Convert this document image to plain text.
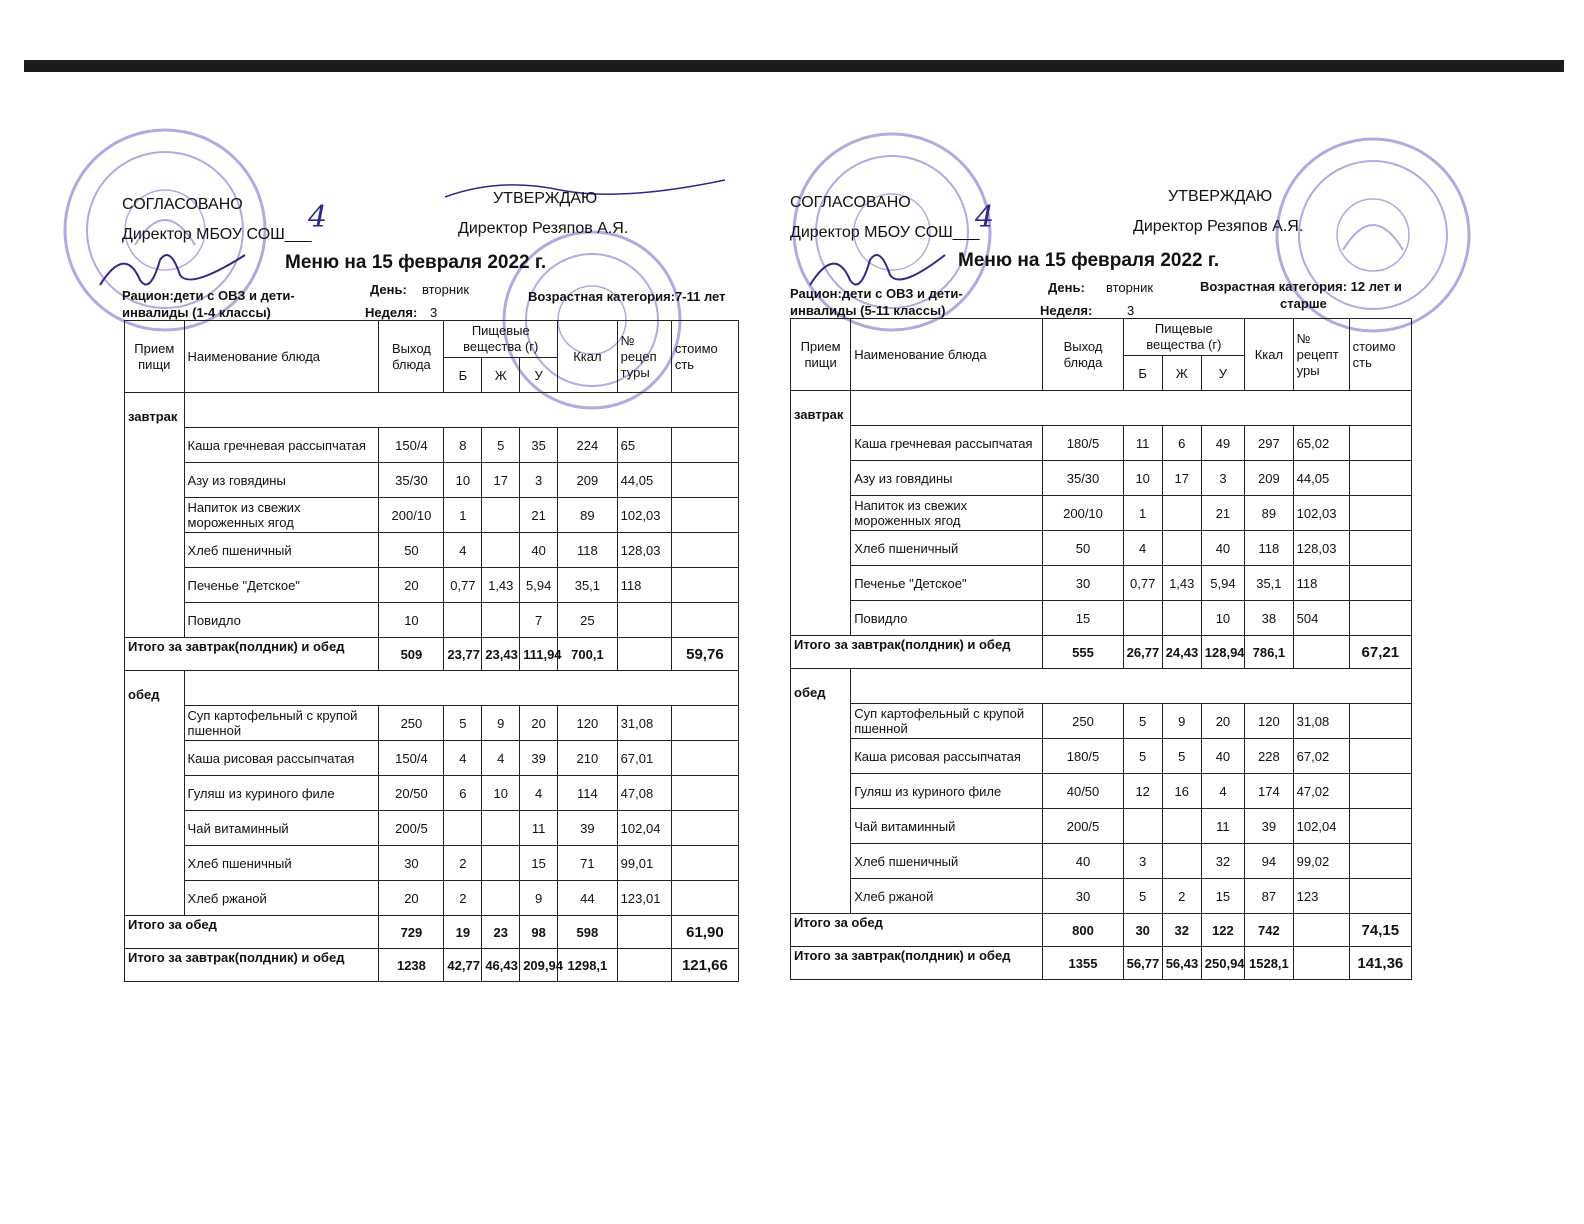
СОГЛАСОВАНО
Директор МБОУ СОШ___
4
УТВЕРЖДАЮ
Директор Резяпов А.Я.
Меню на 15 февраля 2022 г.
Рацион:дети с ОВЗ и дети-
инвалиды (1-4 классы)
День: вторник
Неделя: 3
Возрастная категория:7-11 лет
Прием пищи	Наименование блюда	Выход блюда	Пищевые вещества (г)			Ккал	№ рецеп туры	стоимо сть
			Б	Ж	У			
завтрак								
	Каша гречневая рассыпчатая	150/4	8	5	35	224	65	
	Азу из говядины	35/30	10	17	3	209	44,05	
	Напиток из свежих мороженных ягод	200/10	1		21	89	102,03	
	Хлеб пшеничный	50	4		40	118	128,03	
	Печенье "Детское"	20	0,77	1,43	5,94	35,1	118	
	Повидло	10			7	25		
Итого за завтрак(полдник) и обед		509	23,77	23,43	111,94	700,1		59,76
обед								
	Суп картофельный с крупой пшенной	250	5	9	20	120	31,08	
	Каша рисовая рассыпчатая	150/4	4	4	39	210	67,01	
	Гуляш из куриного филе	20/50	6	10	4	114	47,08	
	Чай витаминный	200/5			11	39	102,04	
	Хлеб пшеничный	30	2		15	71	99,01	
	Хлеб ржаной	20	2		9	44	123,01	
Итого за обед		729	19	23	98	598		61,90
Итого за завтрак(полдник) и обед		1238	42,77	46,43	209,94	1298,1		121,66
СОГЛАСОВАНО
Директор МБОУ СОШ___
4
УТВЕРЖДАЮ
Директор Резяпов А.Я.
Меню на 15 февраля 2022 г.
Рацион:дети с ОВЗ и дети-
инвалиды (5-11 классы)
День: вторник
Неделя:	3
Возрастная категория: 12 лет и
старше
Прием пищи	Наименование блюда	Выход блюда	Пищевые вещества (г)			Ккал	№ рецепт уры	стоимо сть
			Б	Ж	У			
завтрак								
	Каша гречневая рассыпчатая	180/5	11	6	49	297	65,02	
	Азу из говядины	35/30	10	17	3	209	44,05	
	Напиток из свежих мороженных ягод	200/10	1		21	89	102,03	
	Хлеб пшеничный	50	4		40	118	128,03	
	Печенье "Детское"	30	0,77	1,43	5,94	35,1	118	
	Повидло	15			10	38	504	
Итого за завтрак(полдник) и обед		555	26,77	24,43	128,94	786,1		67,21
обед								
	Суп картофельный с крупой пшенной	250	5	9	20	120	31,08	
	Каша рисовая рассыпчатая	180/5	5	5	40	228	67,02	
	Гуляш из куриного филе	40/50	12	16	4	174	47,02	
	Чай витаминный	200/5			11	39	102,04	
	Хлеб пшеничный	40	3		32	94	99,02	
	Хлеб ржаной	30	5	2	15	87	123	
Итого за обед		800	30	32	122	742		74,15
Итого за завтрак(полдник) и обед		1355	56,77	56,43	250,94	1528,1		141,36
